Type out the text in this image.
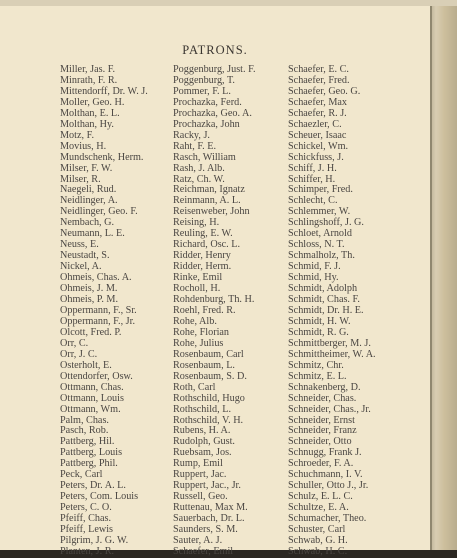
PATRONS.
Miller, Jas. F.
Minrath, F. R.
Mittendorff, Dr. W. J.
Moller, Geo. H.
Molthan, E. L.
Molthan, Hy.
Motz, F.
Movius, H.
Mundschenk, Herm.
Milser, F. W.
Milser, R.
Naegeli, Rud.
Neidlinger, A.
Neidlinger, Geo. F.
Nembach, G.
Neumann, L. E.
Neuss, E.
Neustadt, S.
Nickel, A.
Ohmeis, Chas. A.
Ohmeis, J. M.
Ohmeis, P. M.
Oppermann, F., Sr.
Oppermann, F., Jr.
Olcott, Fred. P.
Orr, C.
Orr, J. C.
Osterholt, E.
Ottendorfer, Osw.
Ottmann, Chas.
Ottmann, Louis
Ottmann, Wm.
Palm, Chas.
Pasch, Rob.
Pattberg, Hil.
Pattberg, Louis
Pattberg, Phil.
Peck, Carl
Peters, Dr. A. L.
Peters, Com. Louis
Peters, C. O.
Pfeiff, Chas.
Pfeiff, Lewis
Pilgrim, J. G. W.
Planten, J. R.
Poggenburg, Just. F.
Poggenburg, T.
Pommer, F. L.
Prochazka, Ferd.
Prochazka, Geo. A.
Prochazka, John
Racky, J.
Raht, F. E.
Rasch, William
Rash, J. Alb.
Ratz, Ch. W.
Reichman, Ignatz
Reinmann, A. L.
Reisenweber, John
Reising, H.
Reuling, E. W.
Richard, Osc. L.
Ridder, Henry
Ridder, Herm.
Rinke, Emil
Rocholl, H.
Rohdenburg, Th. H.
Roehl, Fred. R.
Rohe, Alb.
Rohe, Florian
Rohe, Julius
Rosenbaum, Carl
Rosenbaum, L.
Rosenbaum, S. D.
Roth, Carl
Rothschild, Hugo
Rothschild, L.
Rothschild, V. H.
Rubens, H. A.
Rudolph, Gust.
Ruebsam, Jos.
Rump, Emil
Ruppert, Jac.
Ruppert, Jac., Jr.
Russell, Geo.
Ruttenau, Max M.
Sauerbach, Dr. L.
Saunders, S. M.
Sauter, A. J.
Schaefer, Emil
Schaefer, E. C.
Schaefer, Fred.
Schaefer, Geo. G.
Schaefer, Max
Schaefer, R. J.
Schaezler, C.
Scheuer, Isaac
Schickel, Wm.
Schickfuss, J.
Schiff, J. H.
Schiffer, H.
Schimper, Fred.
Schlecht, C.
Schlemmer, W.
Schlingshoff, J. G.
Schloet, Arnold
Schloss, N. T.
Schmalholz, Th.
Schmid, F. J.
Schmid, Hy.
Schmidt, Adolph
Schmidt, Chas. F.
Schmidt, Dr. H. E.
Schmidt, H. W.
Schmidt, R. G.
Schmittberger, M. J.
Schmittheimer, W. A.
Schmitz, Chr.
Schmitz, E. L.
Schnakenberg, D.
Schneider, Chas.
Schneider, Chas., Jr.
Schneider, Ernst
Schneider, Franz
Schneider, Otto
Schnugg, Frank J.
Schroeder, F. A.
Schuchmann, I. V.
Schuller, Otto J., Jr.
Schulz, E. L. C.
Schultze, E. A.
Schumacher, Theo.
Schuster, Carl
Schwab, G. H.
Schwab, H. C.
